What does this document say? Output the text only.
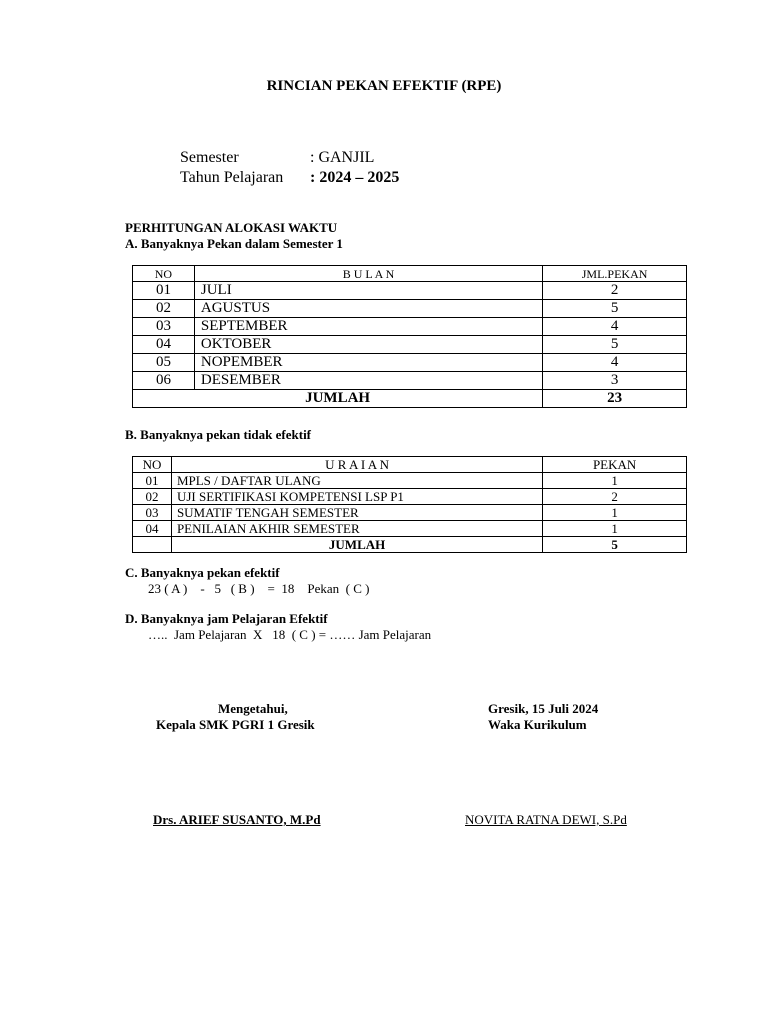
RINCIAN PEKAN EFEKTIF (RPE)
Semester	: GANJIL
Tahun Pelajaran : 2024 – 2025
PERHITUNGAN ALOKASI WAKTU
A. Banyaknya Pekan dalam Semester 1
NO	B U L A N	JML.PEKAN
01	JULI	2
02	AGUSTUS	5
03	SEPTEMBER	4
04	OKTOBER	5
05	NOPEMBER	4
06	DESEMBER	3
JUMLAH		23
B. Banyaknya pekan tidak efektif
NO	U R A I A N	PEKAN
01	MPLS / DAFTAR ULANG	1
02	UJI SERTIFIKASI KOMPETENSI LSP P1	2
03	SUMATIF TENGAH SEMESTER	1
04	PENILAIAN AKHIR SEMESTER	1
	JUMLAH	5
C. Banyaknya pekan efektif
23 ( A )    -   5   ( B )    =  18    Pekan  ( C )
D. Banyaknya jam Pelajaran Efektif
…..  Jam Pelajaran  X   18  ( C ) = …… Jam Pelajaran
Mengetahui,
Kepala SMK PGRI 1 Gresik
Drs. ARIEF SUSANTO, M.Pd
Gresik, 15 Juli 2024
Waka Kurikulum
NOVITA RATNA DEWI, S.Pd
